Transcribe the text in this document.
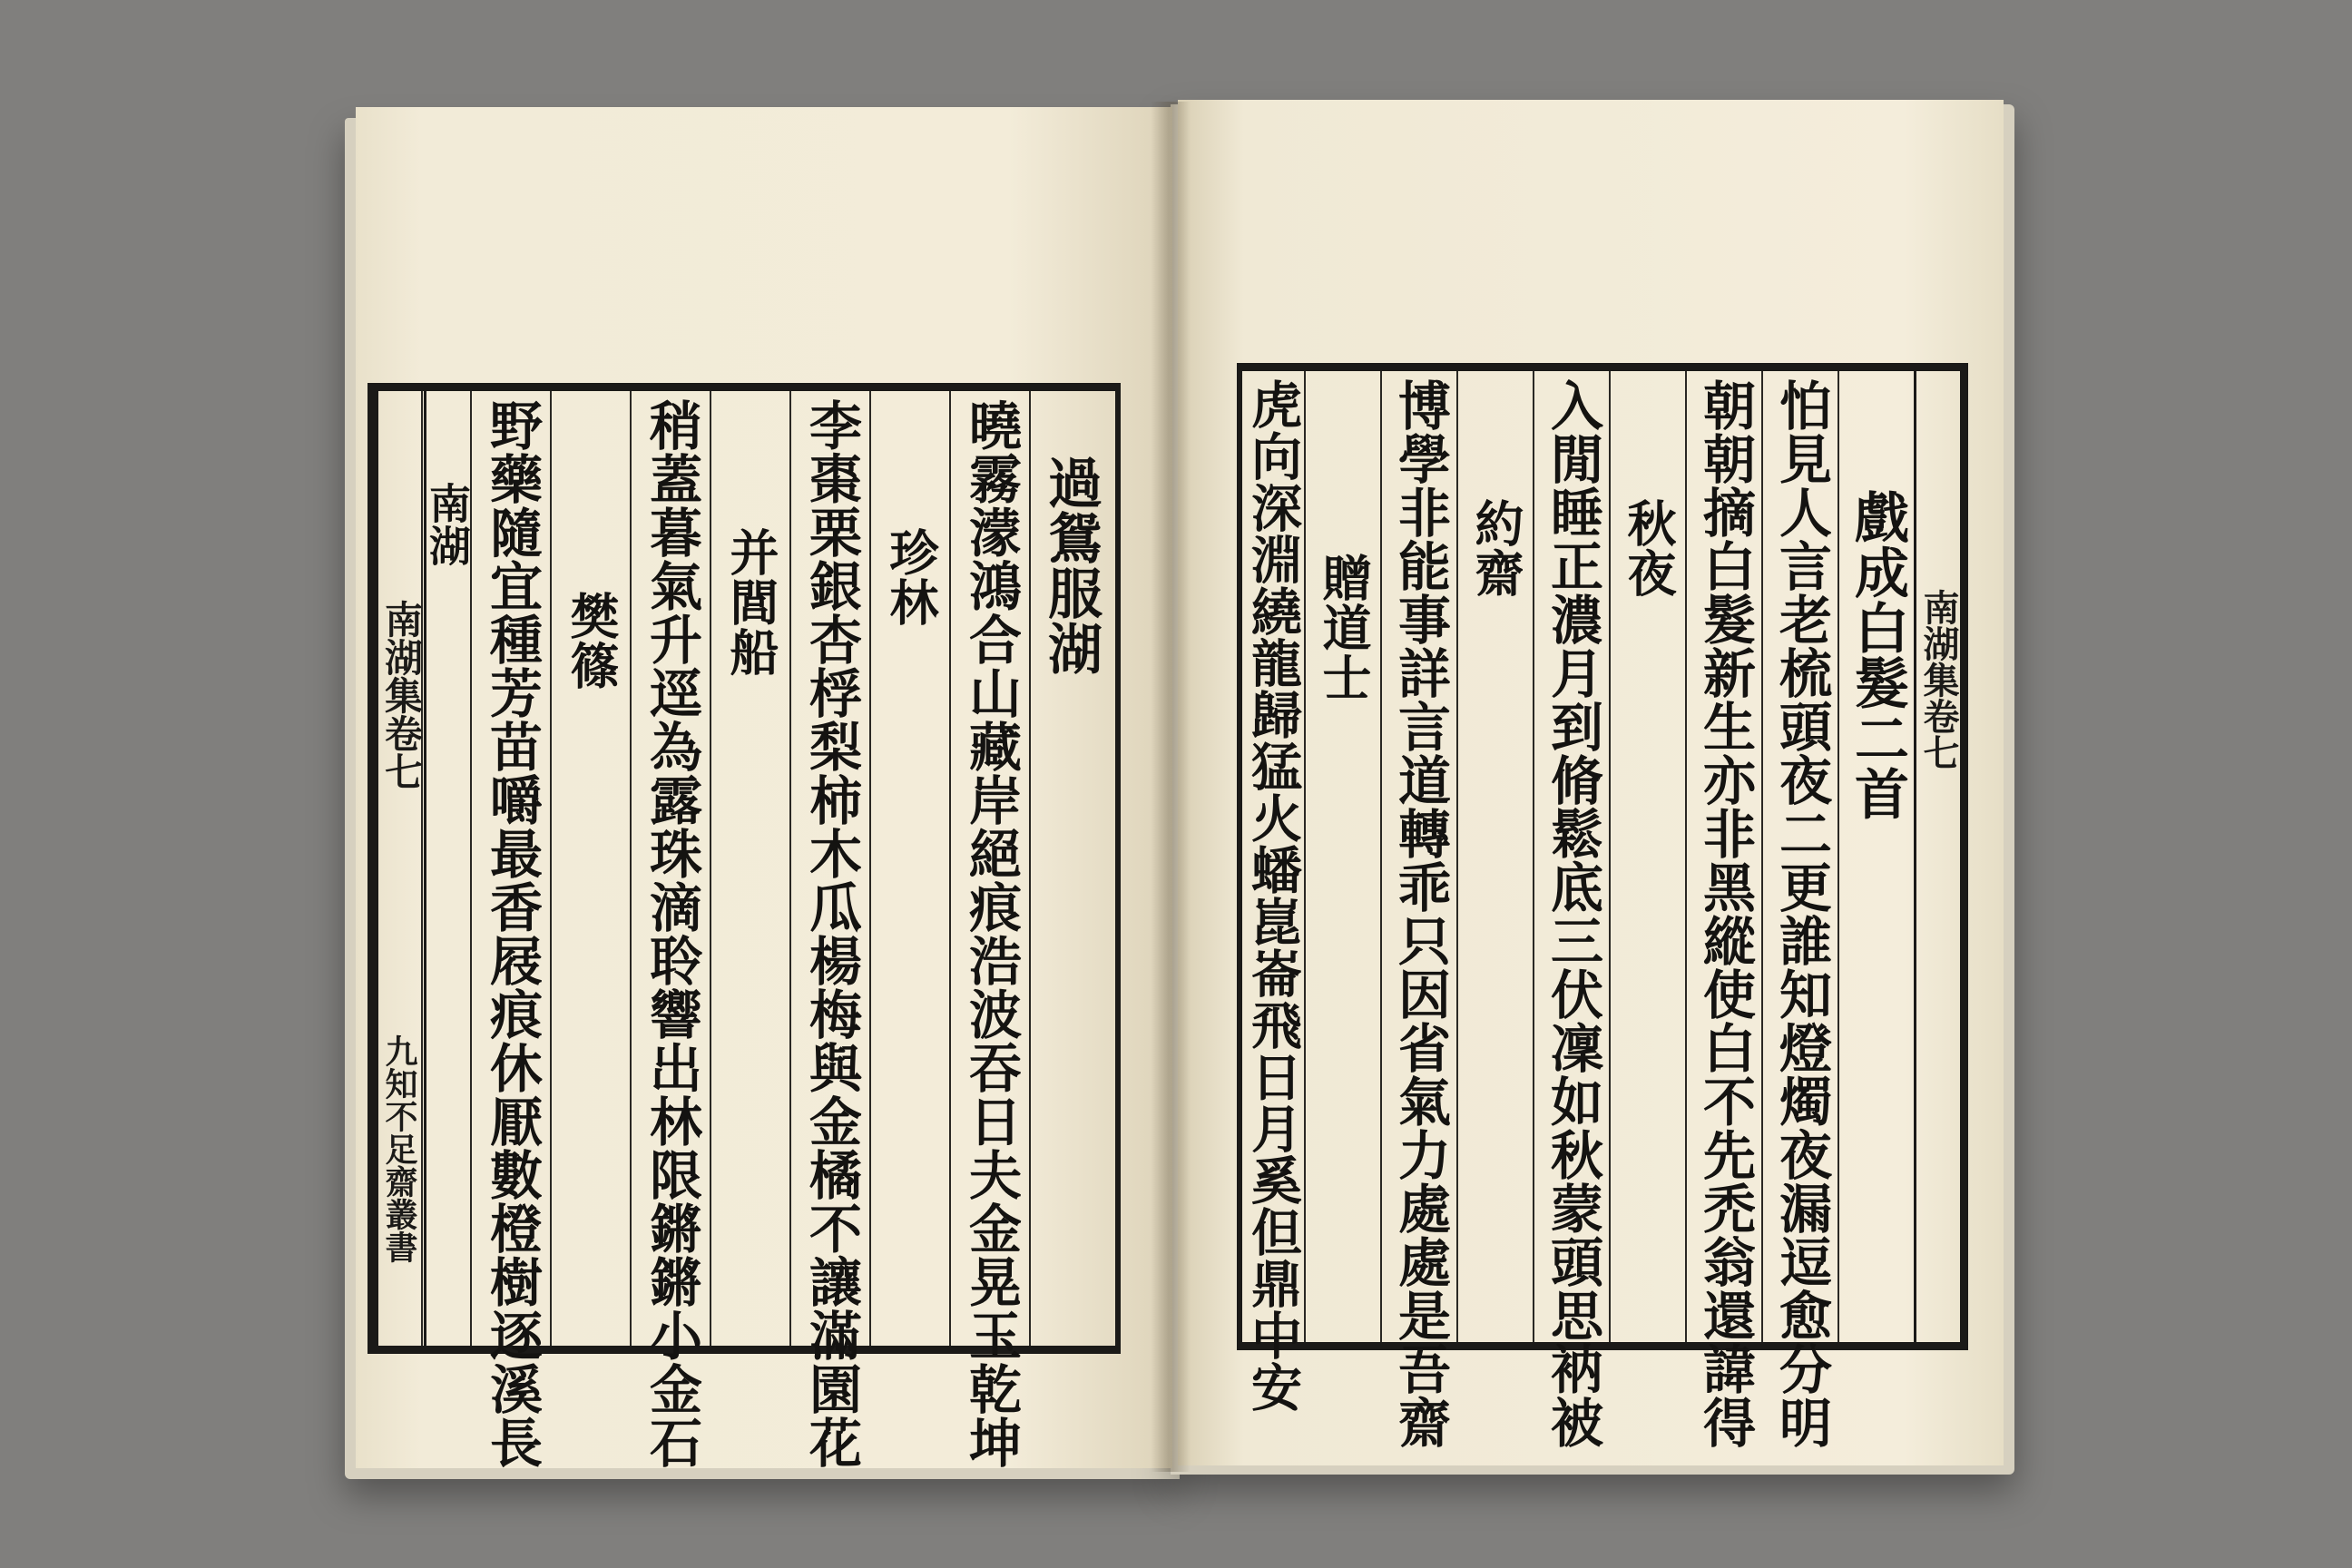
過鴛服湖
曉霧濛鴻合山藏岸絕痕浩波吞日夫金晃玉乾坤
珍林
李棗栗銀杏桴梨柿木瓜楊梅與金橘不讓滿園花
并閭船
稍蓋暮氣升逕為露珠滴聆響出林限鏘鏘小金石
樊篠
野藥隨宜種芳苗嚼最香屐痕休厭數橙樹逐溪長
南湖
南湖集卷七
九知不足齋叢書
南湖集卷七
戲成白髮二首
怕見人言老梳頭夜二更誰知燈燭夜漏逗愈分明
朝朝摘白髮新生亦非黑縱使白不先禿翁還諱得
秋夜
入閒睡正濃月到脩鬆底三伏凜如秋蒙頭思衲被
約齋
博學非能事詳言道轉乖只因省氣力處處是吾齋
贈道士
虎向深淵繞龍歸猛火蟠崑崙飛日月奚但鼎中安
